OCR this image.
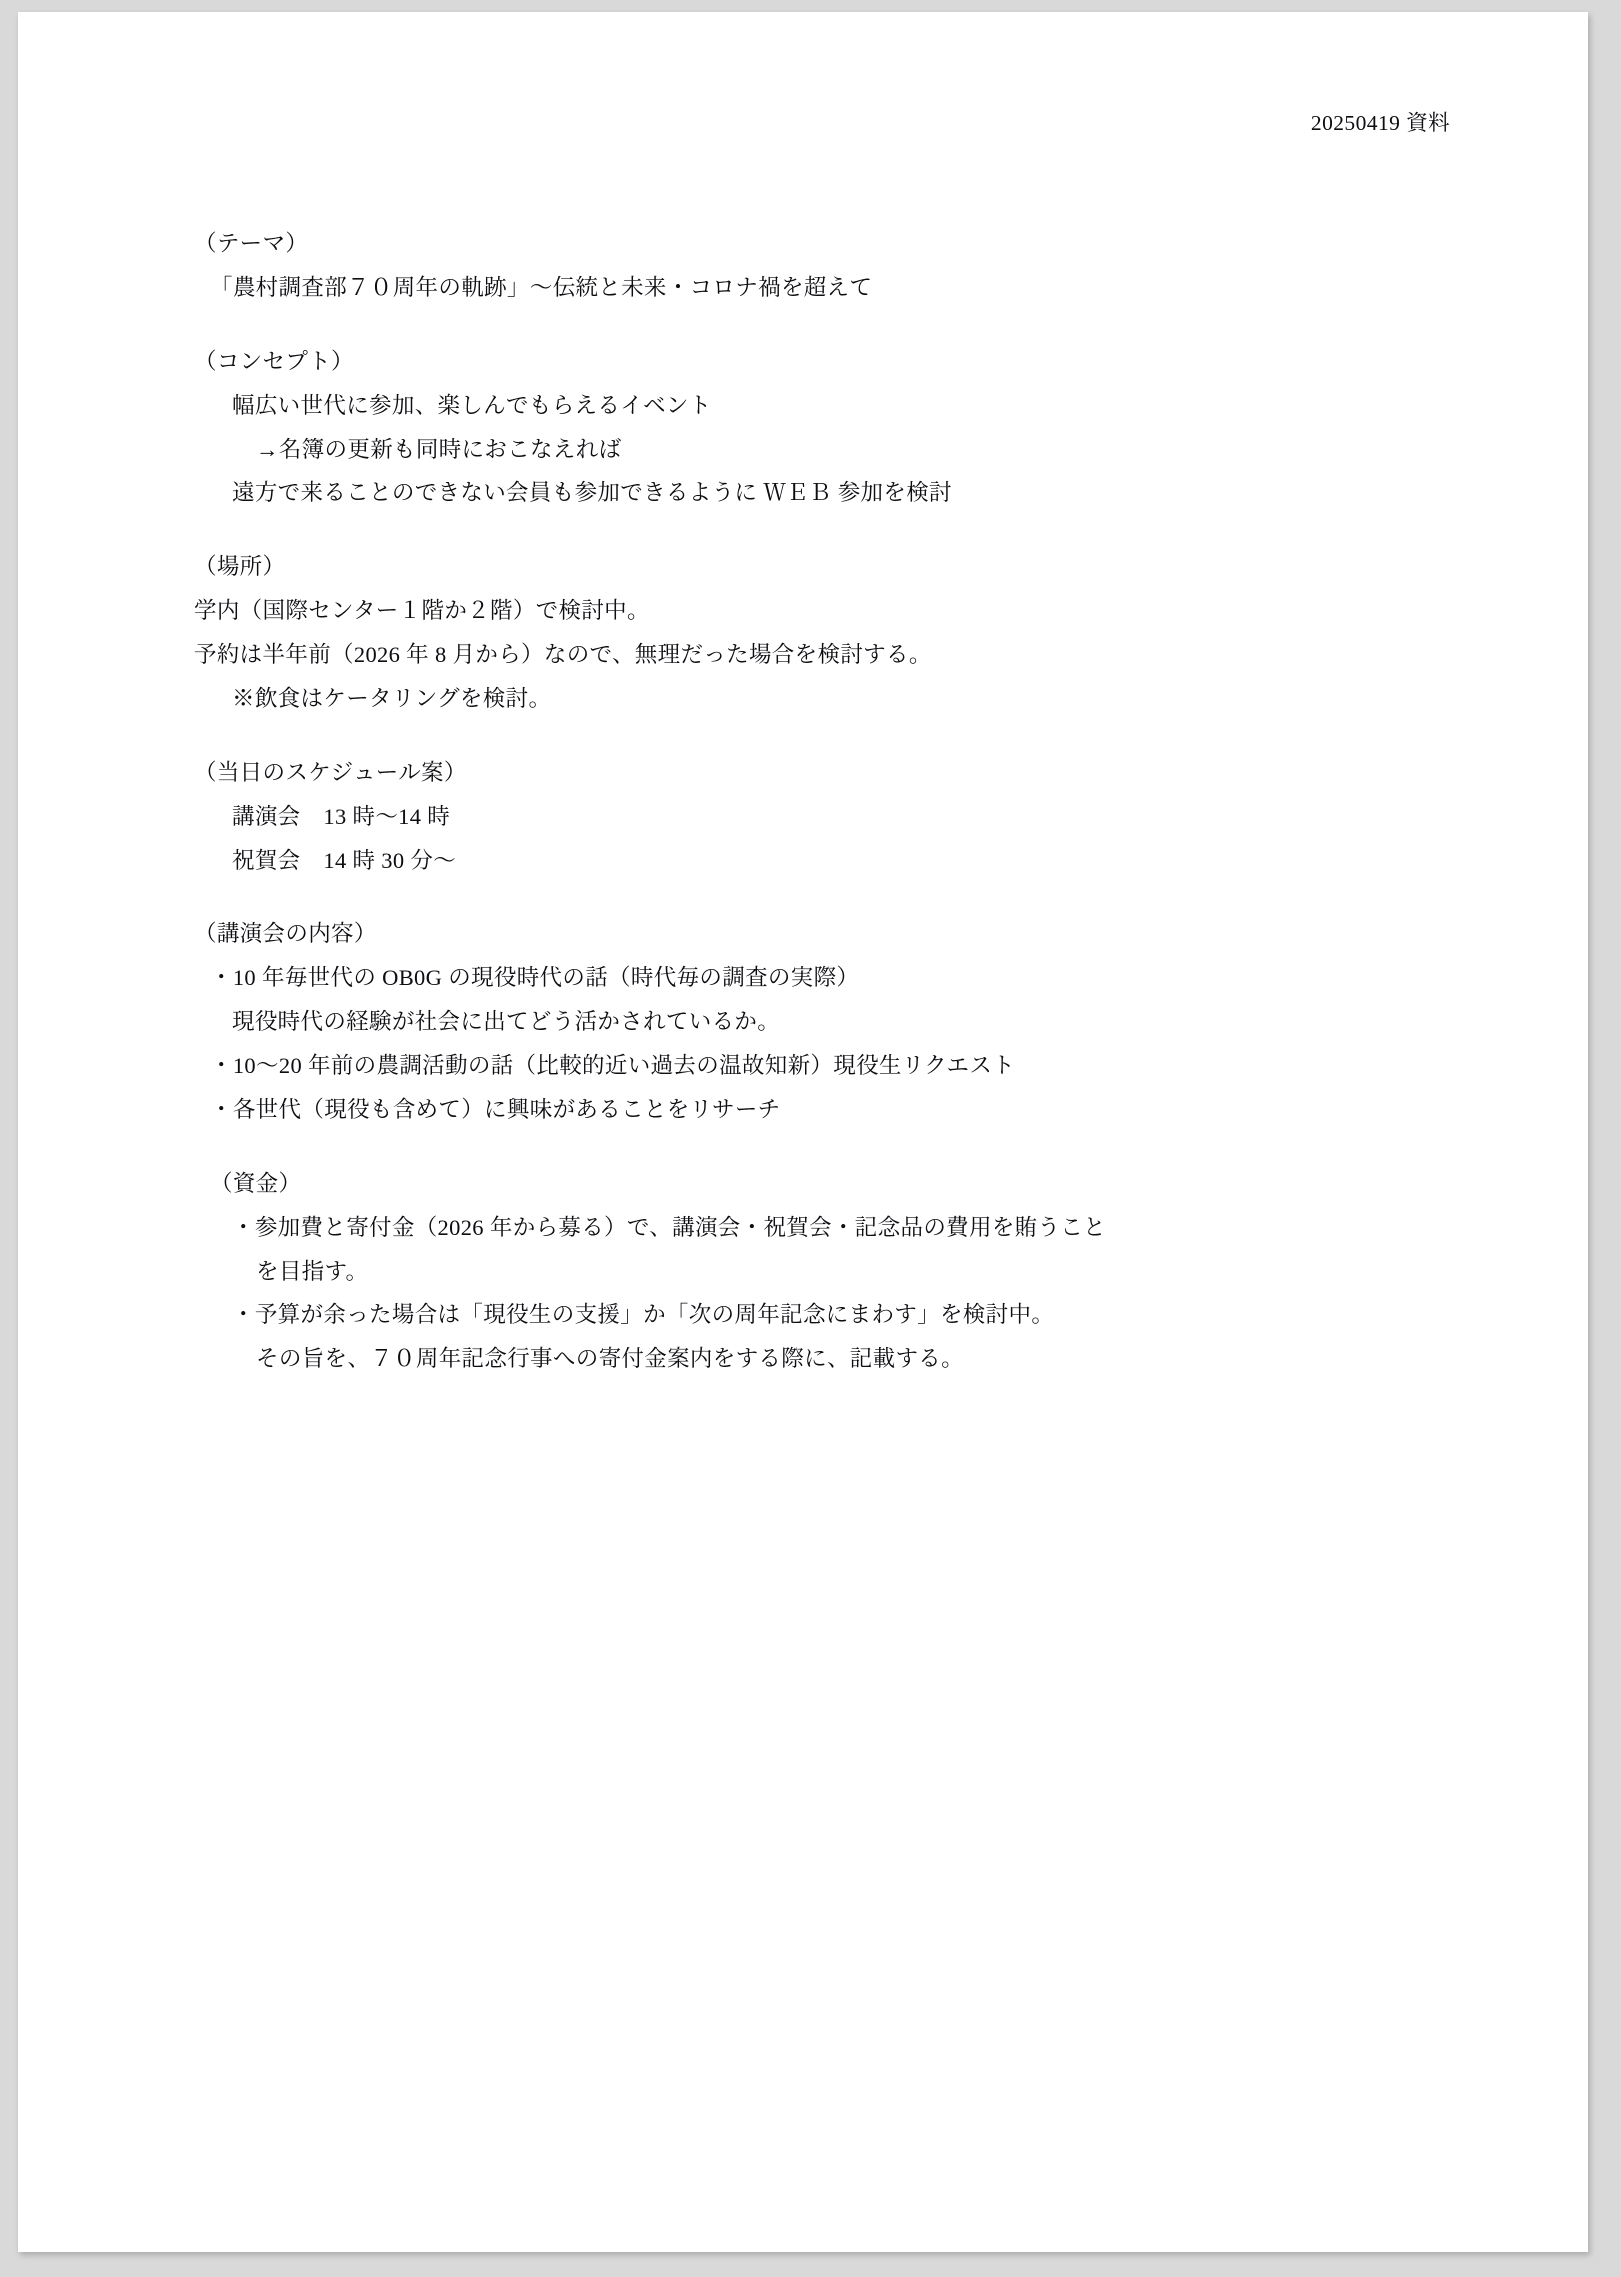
20250419 資料
（テーマ）
「農村調査部７０周年の軌跡」～伝統と未来・コロナ禍を超えて
（コンセプト）
幅広い世代に参加、楽しんでもらえるイベント
→名簿の更新も同時におこなえれば
遠方で来ることのできない会員も参加できるように ＷＥＢ 参加を検討
（場所）
学内（国際センター１階か２階）で検討中。
予約は半年前（2026 年 8 月から）なので、無理だった場合を検討する。
※飲食はケータリングを検討。
（当日のスケジュール案）
講演会　13 時～14 時
祝賀会　14 時 30 分～
（講演会の内容）
・10 年毎世代の OB0G の現役時代の話（時代毎の調査の実際）
現役時代の経験が社会に出てどう活かされているか。
・10～20 年前の農調活動の話（比較的近い過去の温故知新）現役生リクエスト
・各世代（現役も含めて）に興味があることをリサーチ
（資金）
・参加費と寄付金（2026 年から募る）で、講演会・祝賀会・記念品の費用を賄うこと
を目指す。
・予算が余った場合は「現役生の支援」か「次の周年記念にまわす」を検討中。
その旨を、７０周年記念行事への寄付金案内をする際に、記載する。
